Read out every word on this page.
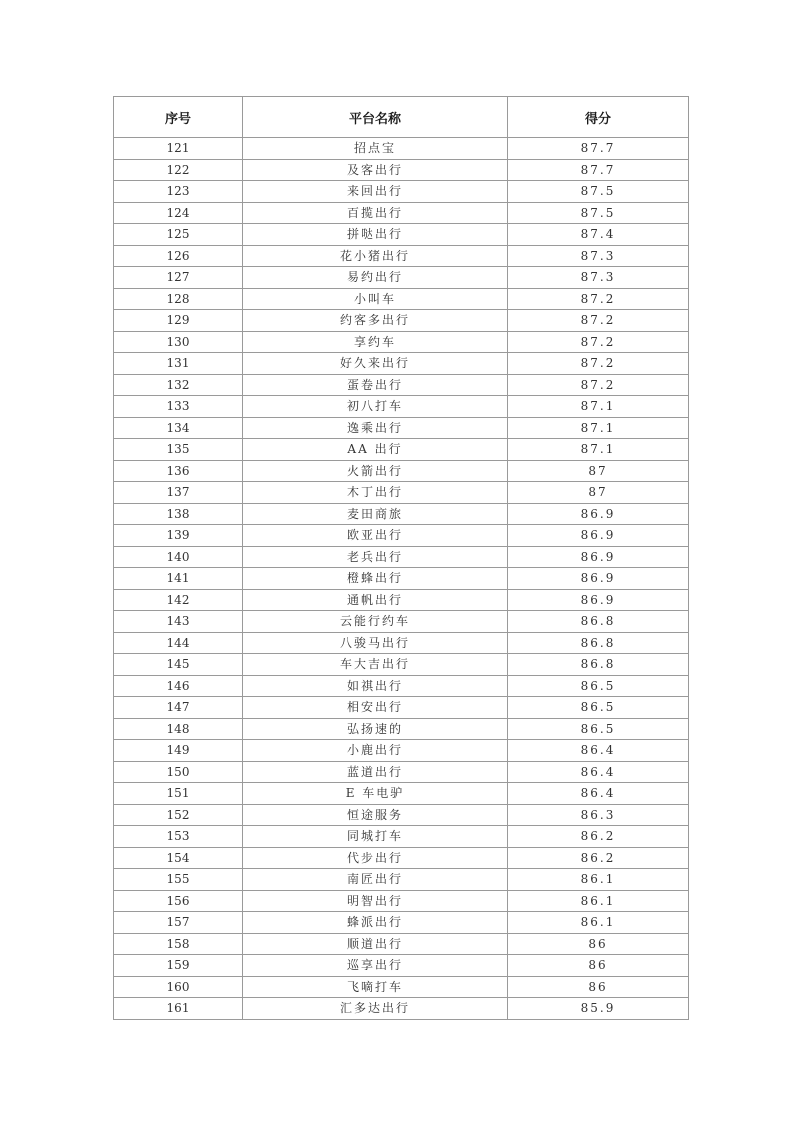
序号	平台名称	得分
121	招点宝	87.7
122	及客出行	87.7
123	来回出行	87.5
124	百揽出行	87.5
125	拼哒出行	87.4
126	花小猪出行	87.3
127	易约出行	87.3
128	小叫车	87.2
129	约客多出行	87.2
130	享约车	87.2
131	好久来出行	87.2
132	蛋卷出行	87.2
133	初八打车	87.1
134	逸乘出行	87.1
135	AA 出行	87.1
136	火箭出行	87
137	木丁出行	87
138	麦田商旅	86.9
139	欧亚出行	86.9
140	老兵出行	86.9
141	橙蜂出行	86.9
142	通帆出行	86.9
143	云能行约车	86.8
144	八骏马出行	86.8
145	车大吉出行	86.8
146	如祺出行	86.5
147	相安出行	86.5
148	弘扬速的	86.5
149	小鹿出行	86.4
150	蓝道出行	86.4
151	E 车电驴	86.4
152	恒途服务	86.3
153	同城打车	86.2
154	代步出行	86.2
155	南匠出行	86.1
156	明智出行	86.1
157	蜂派出行	86.1
158	顺道出行	86
159	巡享出行	86
160	飞嘀打车	86
161	汇多达出行	85.9
